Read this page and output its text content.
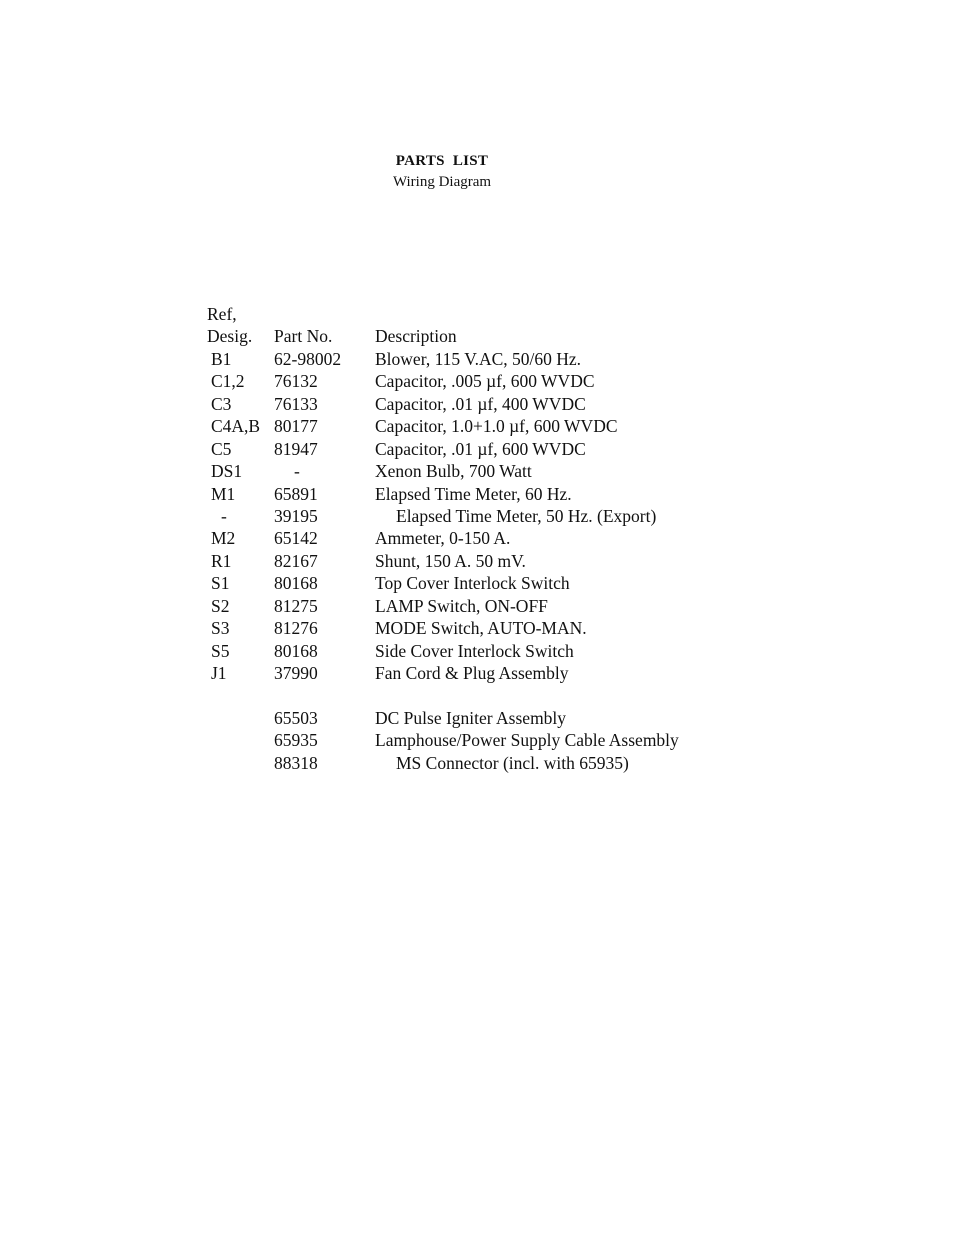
PARTS LIST
Wiring Diagram
Ref,
Desig. Part No. Description
B1 62-98002 Blower, 115 V.AC, 50/60 Hz.
C1,2 76132	Capacitor, .005 µf, 600 WVDC
C3 76133	Capacitor, .01 µf, 400 WVDC
C4A,B 80177	Capacitor, 1.0+1.0 µf, 600 WVDC
C5 81947	Capacitor, .01 µf, 600 WVDC
DS1	-	Xenon Bulb, 700 Watt
M1 65891	Elapsed Time Meter, 60 Hz.
-	39195	Elapsed Time Meter, 50 Hz. (Export)
M2 65142	Ammeter, 0-150 A.
R1 82167	Shunt, 150 A. 50 mV.
S1	80168	Top Cover Interlock Switch
S2	81275	LAMP Switch, ON-OFF
S3	81276	MODE Switch, AUTO-MAN.
S5	80168	Side Cover Interlock Switch
J1	37990	Fan Cord & Plug Assembly
65503	DC Pulse Igniter Assembly
65935	Lamphouse/Power Supply Cable Assembly
88318	MS Connector (incl. with 65935)
